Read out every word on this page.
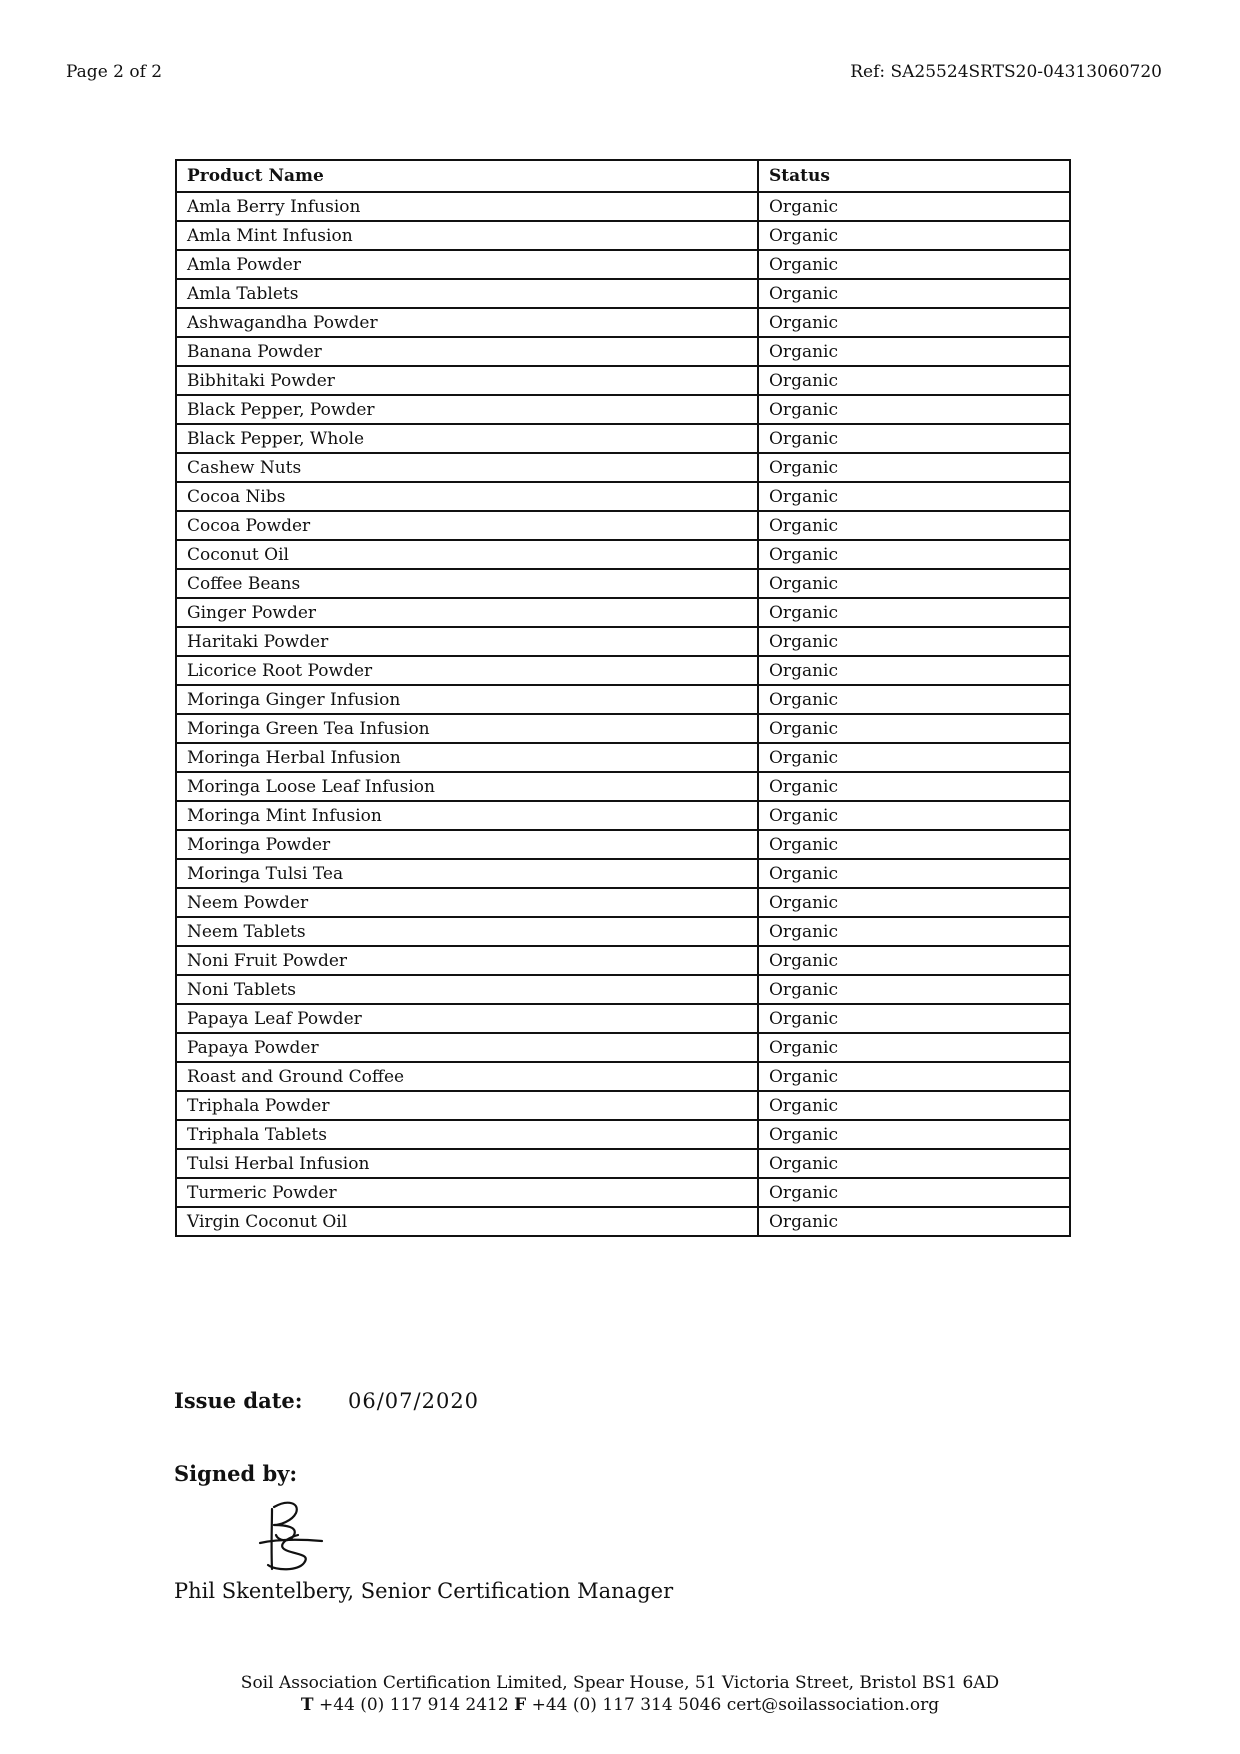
Page 2 of 2	Ref: SA25524SRTS20-04313060720
Product Name	Status
Amla Berry Infusion	Organic
Amla Mint Infusion	Organic
Amla Powder	Organic
Amla Tablets	Organic
Ashwagandha Powder	Organic
Banana Powder	Organic
Bibhitaki Powder	Organic
Black Pepper, Powder	Organic
Black Pepper, Whole	Organic
Cashew Nuts	Organic
Cocoa Nibs	Organic
Cocoa Powder	Organic
Coconut Oil	Organic
Coffee Beans	Organic
Ginger Powder	Organic
Haritaki Powder	Organic
Licorice Root Powder	Organic
Moringa Ginger Infusion	Organic
Moringa Green Tea Infusion	Organic
Moringa Herbal Infusion	Organic
Moringa Loose Leaf Infusion	Organic
Moringa Mint Infusion	Organic
Moringa Powder	Organic
Moringa Tulsi Tea	Organic
Neem Powder	Organic
Neem Tablets	Organic
Noni Fruit Powder	Organic
Noni Tablets	Organic
Papaya Leaf Powder	Organic
Papaya Powder	Organic
Roast and Ground Coffee	Organic
Triphala Powder	Organic
Triphala Tablets	Organic
Tulsi Herbal Infusion	Organic
Turmeric Powder	Organic
Virgin Coconut Oil	Organic
Issue date: 06/07/2020
Signed by:
Phil Skentelbery, Senior Certification Manager
Soil Association Certification Limited, Spear House, 51 Victoria Street, Bristol BS1 6AD
T +44 (0) 117 914 2412 F +44 (0) 117 314 5046 cert@soilassociation.org
